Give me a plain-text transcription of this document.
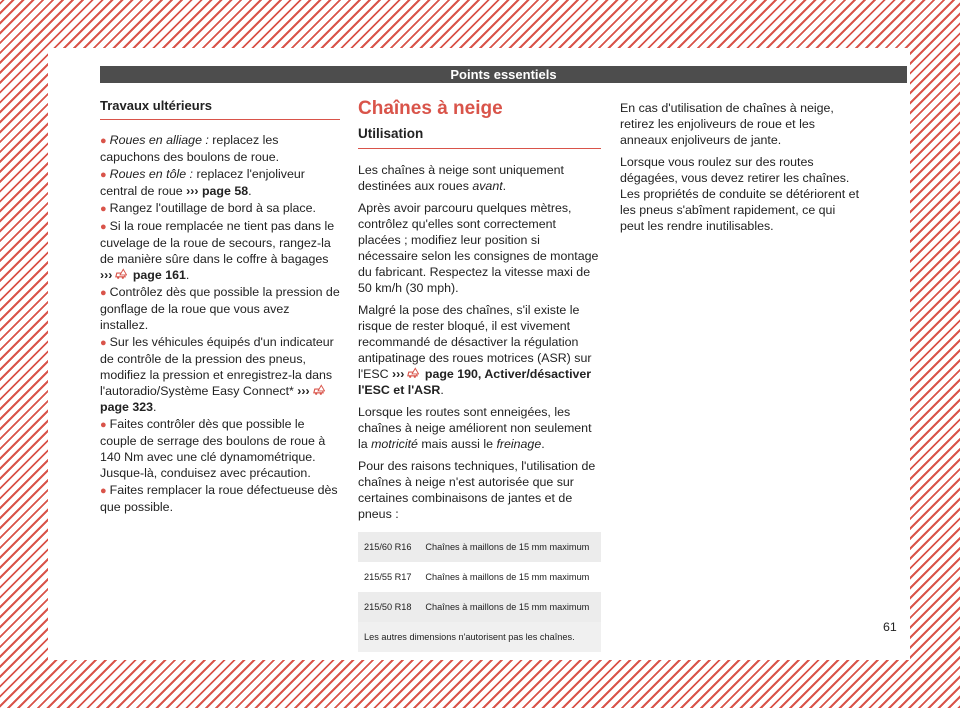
Points essentiels
Travaux ultérieurs
● Roues en alliage : replacez les capuchons des boulons de roue.
● Roues en tôle : replacez l'enjoliveur central de roue ››› page 58.
● Rangez l'outillage de bord à sa place.
● Si la roue remplacée ne tient pas dans le cuvelage de la roue de secours, rangez-la de manière sûre dans le coffre à bagages ››› page 161.
● Contrôlez dès que possible la pression de gonflage de la roue que vous avez installez.
● Sur les véhicules équipés d'un indicateur de contrôle de la pression des pneus, modifiez la pression et enregistrez-la dans l'autoradio/Système Easy Connect* ››› page 323.
● Faites contrôler dès que possible le couple de serrage des boulons de roue à 140 Nm avec une clé dynamométrique. Jusque-là, conduisez avec précaution.
● Faites remplacer la roue défectueuse dès que possible.
Chaînes à neige
Utilisation

Les chaînes à neige sont uniquement destinées aux roues avant.

Après avoir parcouru quelques mètres, contrôlez qu'elles sont correctement placées ; modifiez leur position si nécessaire selon les consignes de montage du fabricant. Respectez la vitesse maxi de 50 km/h (30 mph).

Malgré la pose des chaînes, s'il existe le risque de rester bloqué, il est vivement recommandé de désactiver la régulation antipatinage des roues motrices (ASR) sur l'ESC ››› page 190, Activer/désactiver l'ESC et l'ASR.

Lorsque les routes sont enneigées, les chaînes à neige améliorent non seulement la motricité mais aussi le freinage.

Pour des raisons techniques, l'utilisation de chaînes à neige n'est autorisée que sur certaines combinaisons de jantes et de pneus :

215/60 R16	Chaînes à maillons de 15 mm maximum
215/55 R17	Chaînes à maillons de 15 mm maximum
215/50 R18	Chaînes à maillons de 15 mm maximum
Les autres dimensions n'autorisent pas les chaînes.	

En cas d'utilisation de chaînes à neige, retirez les enjoliveurs de roue et les anneaux enjoliveurs de jante.

Lorsque vous roulez sur des routes dégagées, vous devez retirer les chaînes. Les propriétés de conduite se détériorent et les pneus s'abîment rapidement, ce qui peut les rendre inutilisables.

61
